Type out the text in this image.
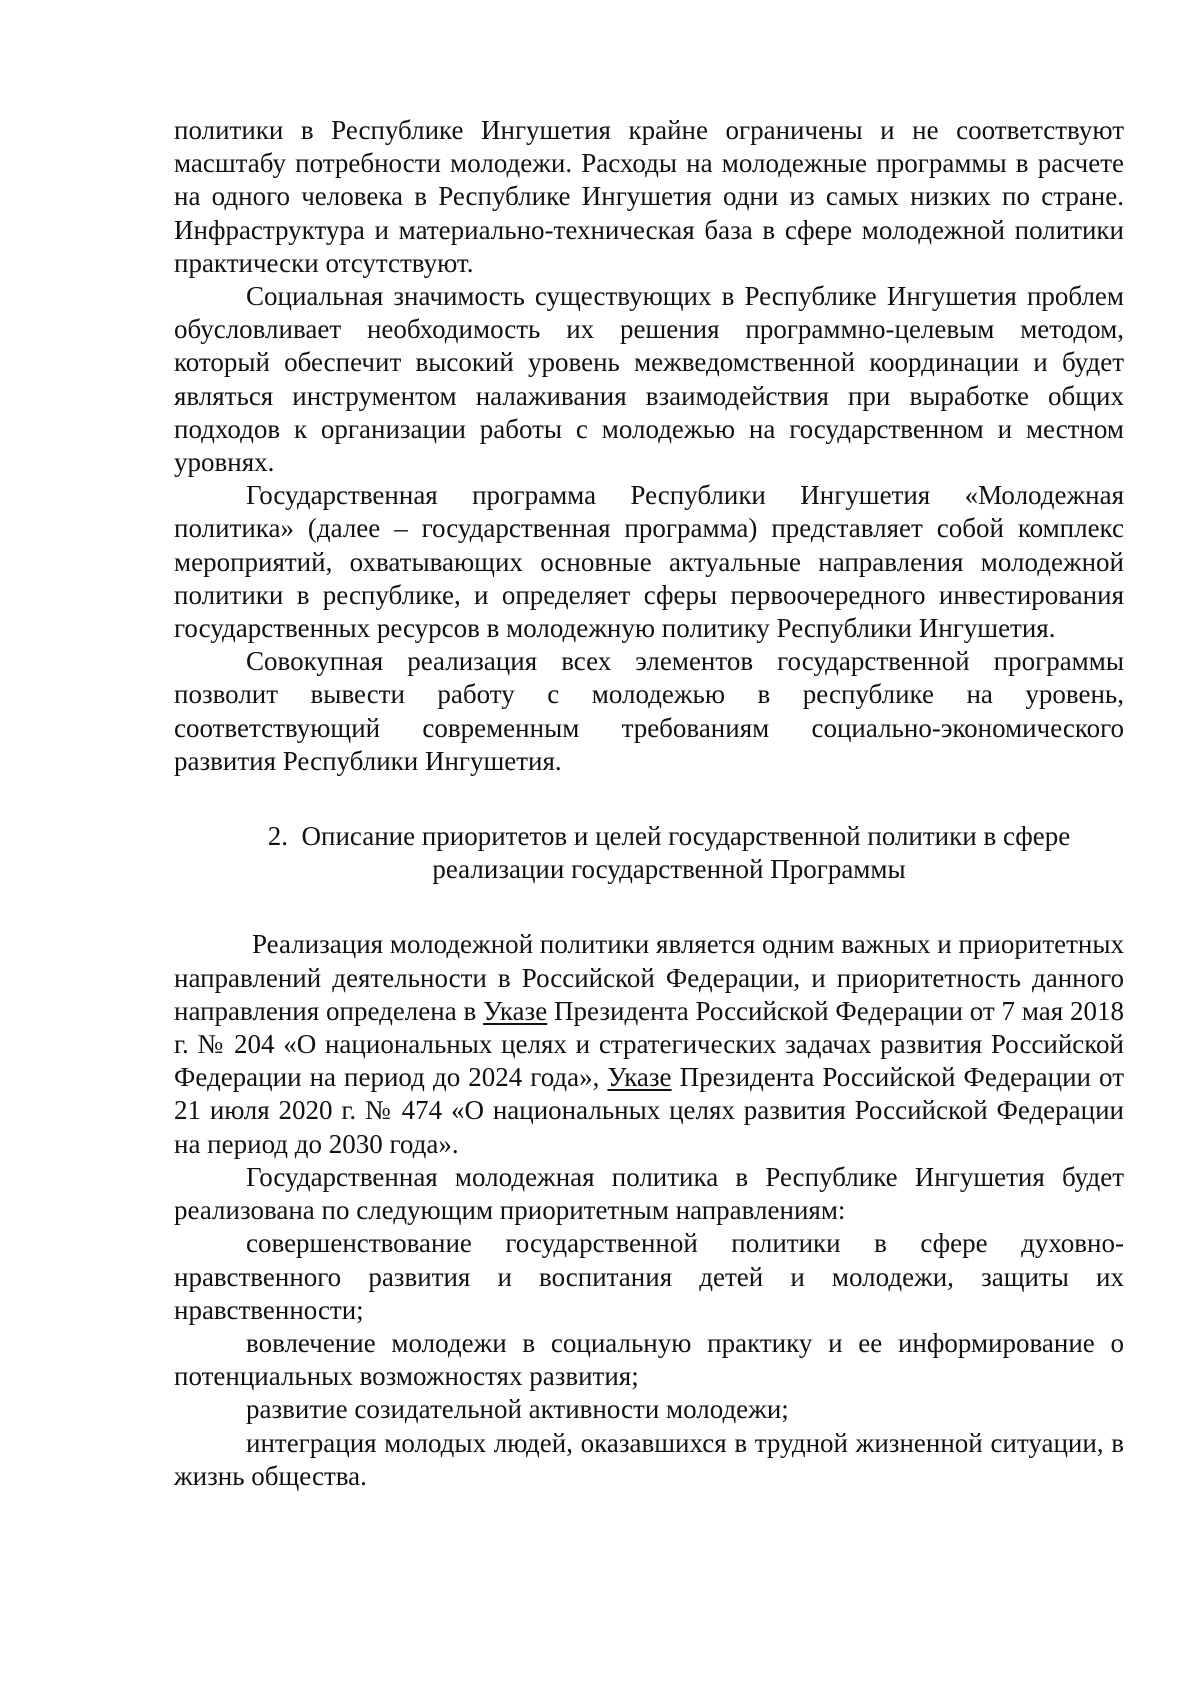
политики в Республике Ингушетия крайне ограничены и не соответствуют масштабу потребности молодежи. Расходы на молодежные программы в расчете на одного человека в Республике Ингушетия одни из самых низких по стране. Инфраструктура и материально-техническая база в сфере молодежной политики практически отсутствуют.

Социальная значимость существующих в Республике Ингушетия проблем обусловливает необходимость их решения программно-целевым методом, который обеспечит высокий уровень межведомственной координации и будет являться инструментом налаживания взаимодействия при выработке общих подходов к организации работы с молодежью на государственном и местном уровнях.

Государственная программа Республики Ингушетия «Молодежная политика» (далее – государственная программа) представляет собой комплекс мероприятий, охватывающих основные актуальные направления молодежной политики в республике, и определяет сферы первоочередного инвестирования государственных ресурсов в молодежную политику Республики Ингушетия.

Совокупная реализация всех элементов государственной программы позволит вывести работу с молодежью в республике на уровень, соответствующий современным требованиям социально-экономического развития Республики Ингушетия.

2. Описание приоритетов и целей государственной политики в сфере
реализации государственной Программы

Реализация молодежной политики является одним важных и приоритетных направлений деятельности в Российской Федерации, и приоритетность данного направления определена в Указе Президента Российской Федерации от 7 мая 2018 г. № 204 «О национальных целях и стратегических задачах развития Российской Федерации на период до 2024 года», Указе Президента Российской Федерации от 21 июля 2020 г. № 474 «О национальных целях развития Российской Федерации на период до 2030 года».

Государственная молодежная политика в Республике Ингушетия будет реализована по следующим приоритетным направлениям:

совершенствование государственной политики в сфере духовно-нравственного развития и воспитания детей и молодежи, защиты их нравственности;

вовлечение молодежи в социальную практику и ее информирование о потенциальных возможностях развития;

развитие созидательной активности молодежи;

интеграция молодых людей, оказавшихся в трудной жизненной ситуации, в жизнь общества.
